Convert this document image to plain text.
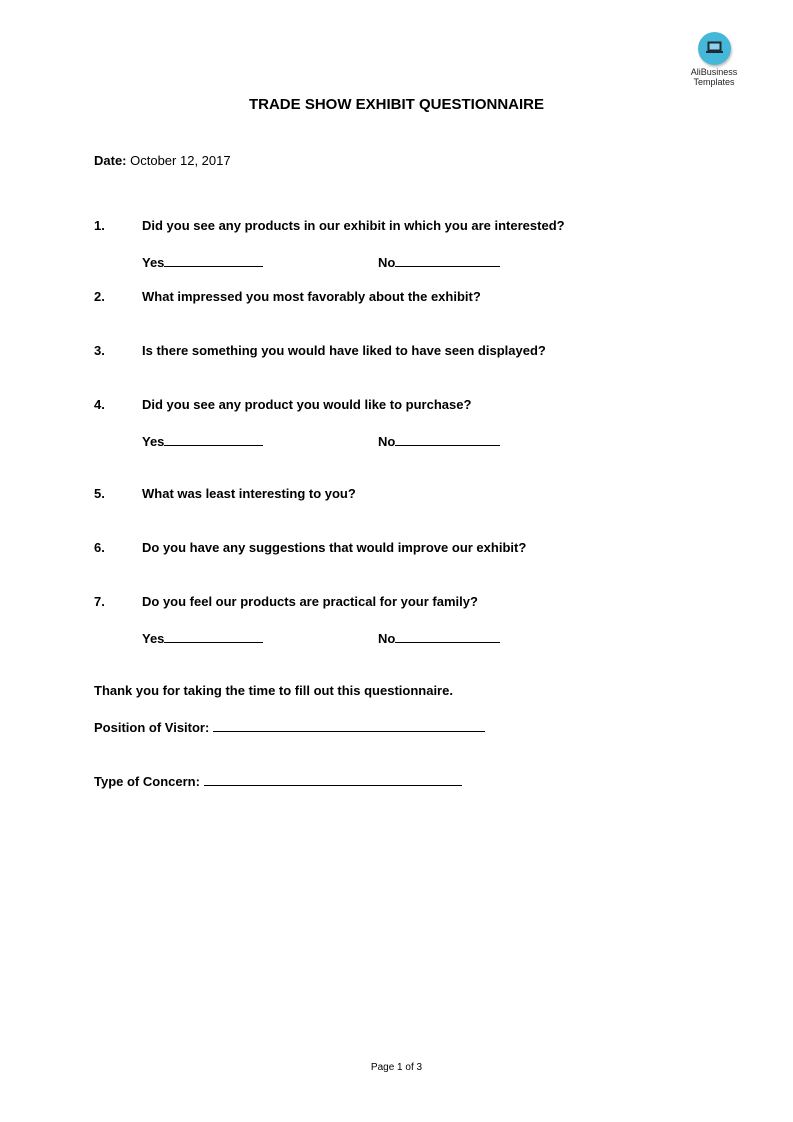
AliBusiness
Templates
TRADE SHOW EXHIBIT QUESTIONNAIRE
Date: October 12, 2017
1.	Did you see any products in our exhibit in which you are interested?
Yes	No
2.	What impressed you most favorably about the exhibit?
3.	Is there something you would have liked to have seen displayed?
4.	Did you see any product you would like to purchase?
Yes	No
5.	What was least interesting to you?
6.	Do you have any suggestions that would improve our exhibit?
7.	Do you feel our products are practical for your family?
Yes	No
Thank you for taking the time to fill out this questionnaire.
Position of Visitor:
Type of Concern:
Page 1 of 3
